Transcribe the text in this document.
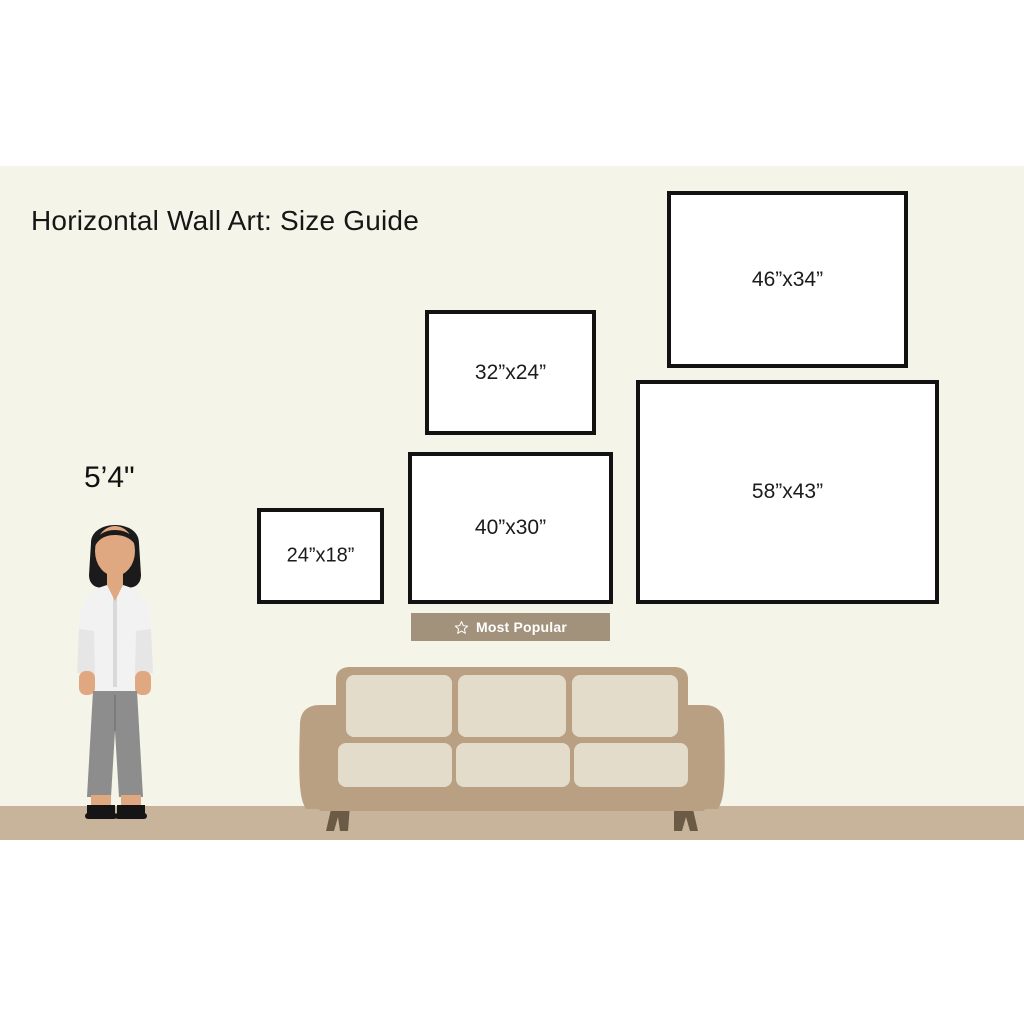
Horizontal Wall Art: Size Guide
5’4"
46”x34”
32”x24”
58”x43”
40”x30”
24”x18”
Most Popular
